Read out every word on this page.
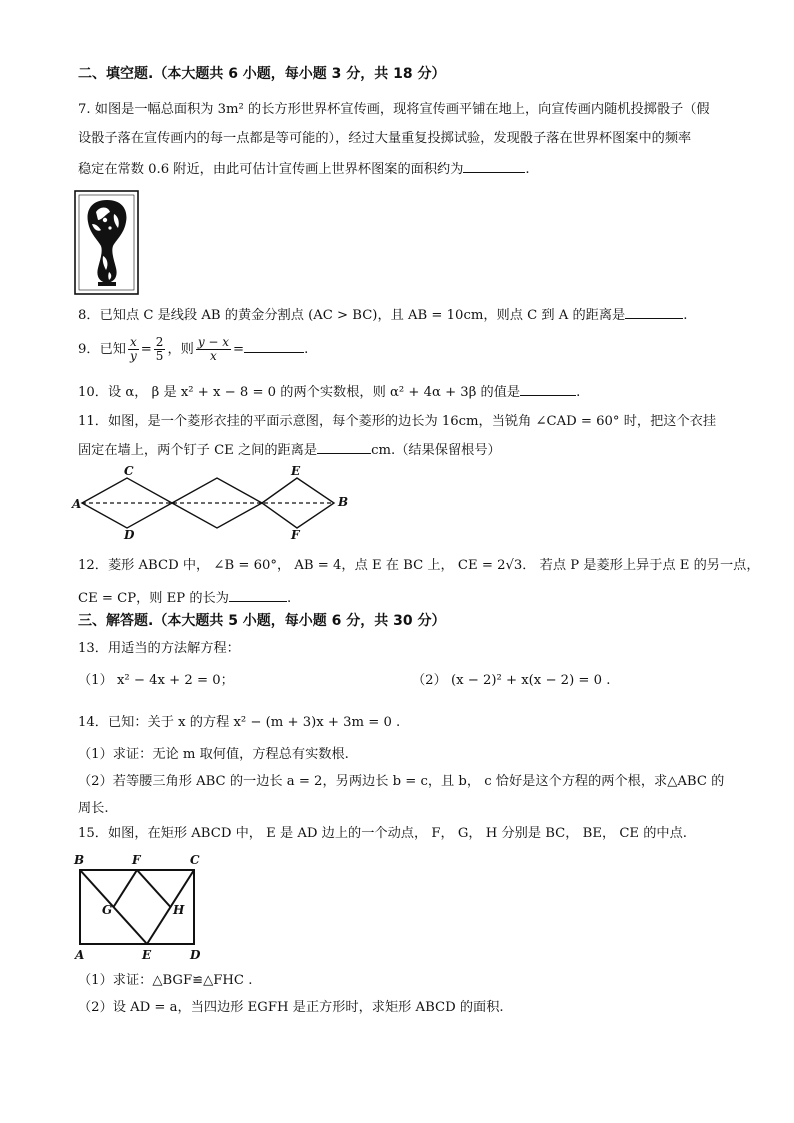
二、填空题.（本大题共 6 小题，每小题 3 分，共 18 分）
7. 如图是一幅总面积为 3m² 的长方形世界杯宣传画，现将宣传画平铺在地上，向宣传画内随机投掷骰子（假
设骰子落在宣传画内的每一点都是等可能的），经过大量重复投掷试验，发现骰子落在世界杯图案中的频率
稳定在常数 0.6 附近，由此可估计宣传画上世界杯图案的面积约为	.
8．已知点 C 是线段 AB 的黄金分割点 (AC > BC)，且 AB = 10cm，则点 C 到 A 的距离是	.
9．已知 $\frac{x}{y} = \frac{2}{5}$ ，则 $\frac{y - x}{x}$ =	.
10．设 α， β 是 x² + x − 8 = 0 的两个实数根，则 α² + 4α + 3β 的值是	.
11．如图，是一个菱形衣挂的平面示意图，每个菱形的边长为 16cm，当锐角 ∠CAD = 60° 时，把这个衣挂
固定在墙上，两个钉子 CE 之间的距离是	cm.（结果保留根号）
A
C
D
E
F
B
12．菱形 ABCD 中， ∠B = 60°， AB = 4，点 E 在 BC 上， CE = 2√3． 若点 P 是菱形上异于点 E 的另一点，
CE = CP，则 EP 的长为	.
三、解答题.（本大题共 5 小题，每小题 6 分，共 30 分）
13．用适当的方法解方程：
（1） x² − 4x + 2 = 0；	（2） (x − 2)² + x(x − 2) = 0 .
14．已知：关于 x 的方程 x² − (m + 3)x + 3m = 0 .
（1）求证：无论 m 取何值，方程总有实数根.
（2）若等腰三角形 ABC 的一边长 a = 2，另两边长 b = c，且 b， c 恰好是这个方程的两个根，求△ABC 的
周长.
15．如图，在矩形 ABCD 中， E 是 AD 边上的一个动点， F， G， H 分别是 BC， BE， CE 的中点.
B	F	C
G	H
A	E	D
（1）求证：△BGF≌△FHC .
（2）设 AD = a，当四边形 EGFH 是正方形时，求矩形 ABCD 的面积.
